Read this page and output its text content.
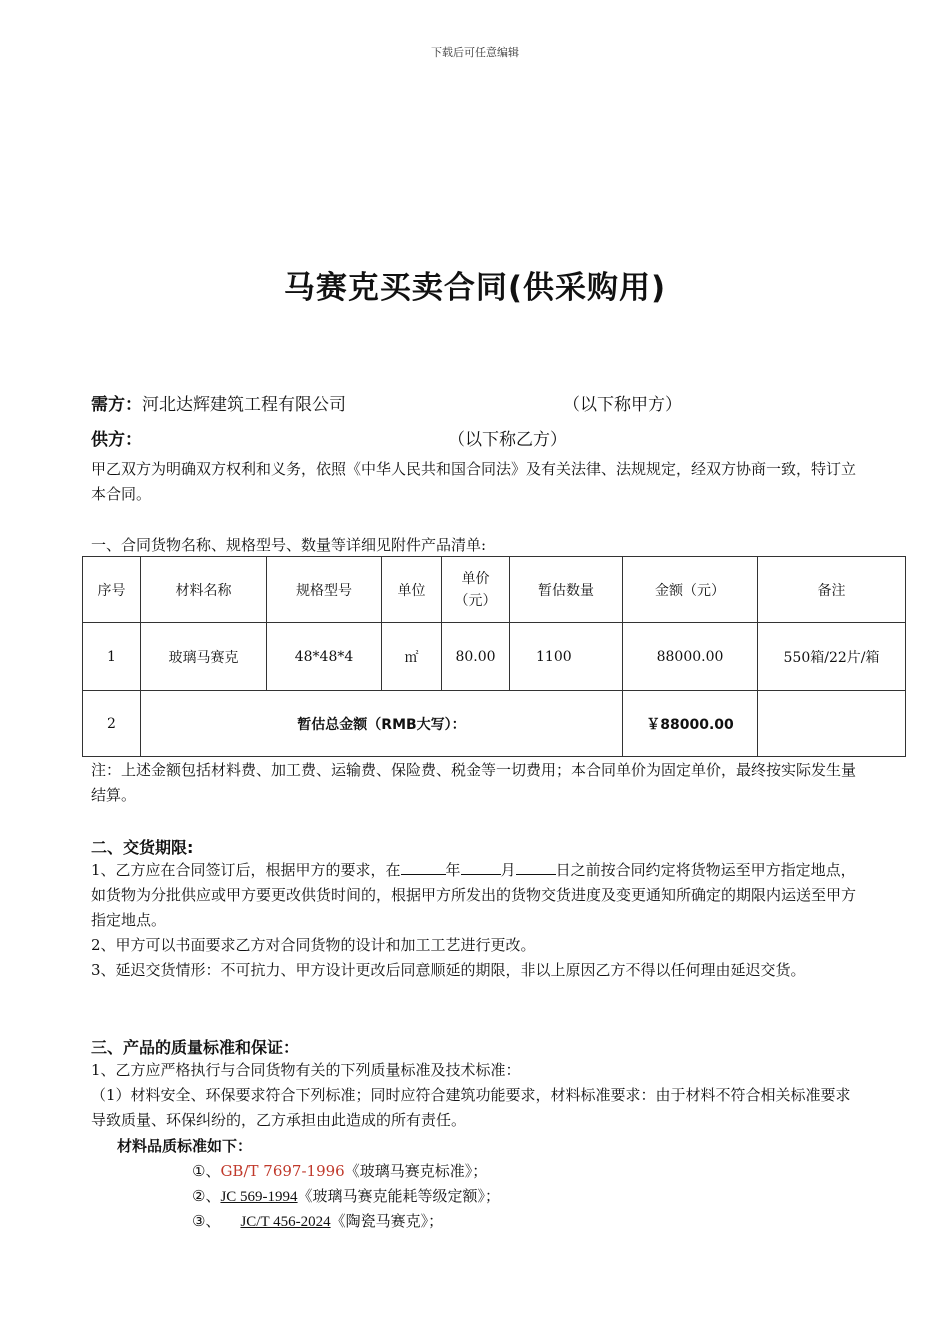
下载后可任意编辑
马赛克买卖合同(供采购用)
需方：河北达辉建筑工程有限公司	（以下称甲方）
供方：	（以下称乙方）
甲乙双方为明确双方权利和义务，依照《中华人民共和国合同法》及有关法律、法规规定，经双方协商一致，特订立本合同。
一、合同货物名称、规格型号、数量等详细见附件产品清单:
序号	材料名称	规格型号	单位	单价（元）	暂估数量	金额（元）	备注
1	玻璃马赛克	48*48*4	㎡	80.00	1100	88000.00	550箱/22片/箱
2	暂估总金额（RMB大写）：					￥88000.00	
注：上述金额包括材料费、加工费、运输费、保险费、税金等一切费用；本合同单价为固定单价，最终按实际发生量结算。
二、交货期限:
1、乙方应在合同签订后，根据甲方的要求，在	年	月	日之前按合同约定将货物运至甲方指定地点，如货物为分批供应或甲方要更改供货时间的，根据甲方所发出的货物交货进度及变更通知所确定的期限内运送至甲方指定地点。
2、甲方可以书面要求乙方对合同货物的设计和加工工艺进行更改。
3、延迟交货情形：不可抗力、甲方设计更改后同意顺延的期限，非以上原因乙方不得以任何理由延迟交货。
三、产品的质量标准和保证：
1、乙方应严格执行与合同货物有关的下列质量标准及技术标准：
（1）材料安全、环保要求符合下列标准；同时应符合建筑功能要求，材料标准要求：由于材料不符合相关标准要求导致质量、环保纠纷的，乙方承担由此造成的所有责任。
材料品质标准如下：
①、GB/T 7697-1996《玻璃马赛克标准》；
②、JC 569-1994《玻璃马赛克能耗等级定额》；
③、 JC/T 456-2024《陶瓷马赛克》；
